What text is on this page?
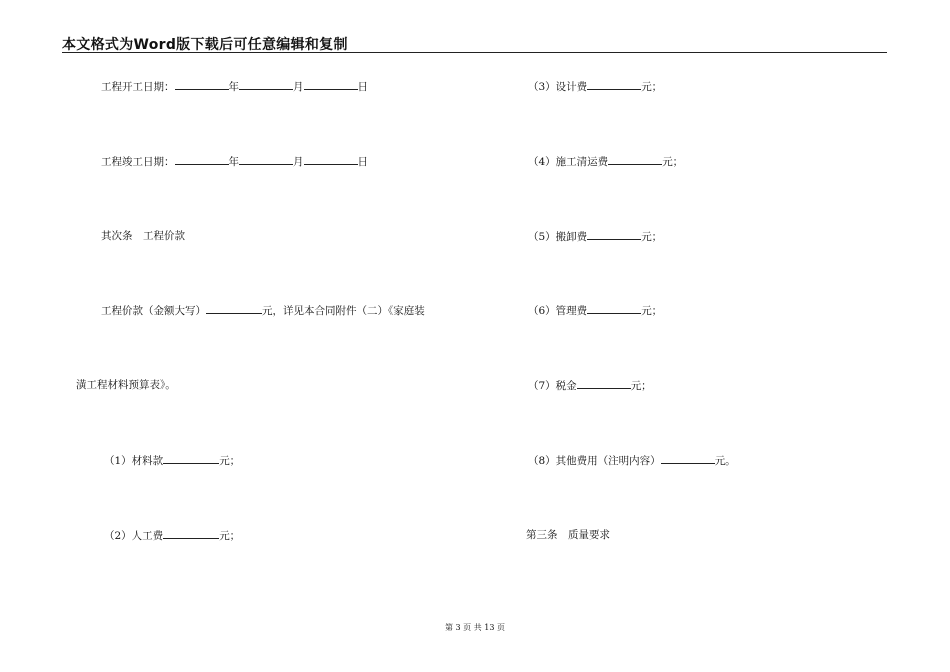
本文格式为Word版下载后可任意编辑和复制
工程开工日期：	年	月	日
工程竣工日期：	年	月	日
其次条　工程价款
工程价款（金额大写）	元，详见本合同附件（二）《家庭装
潢工程材料预算表》。
（1）材料款	元；
（2）人工费	元；
（3）设计费	元；
（4）施工清运费	元；
（5）搬卸费	元；
（6）管理费	元；
（7）税金	元；
（8）其他费用（注明内容）	元。
第三条　质量要求
第 3 页 共 13 页
